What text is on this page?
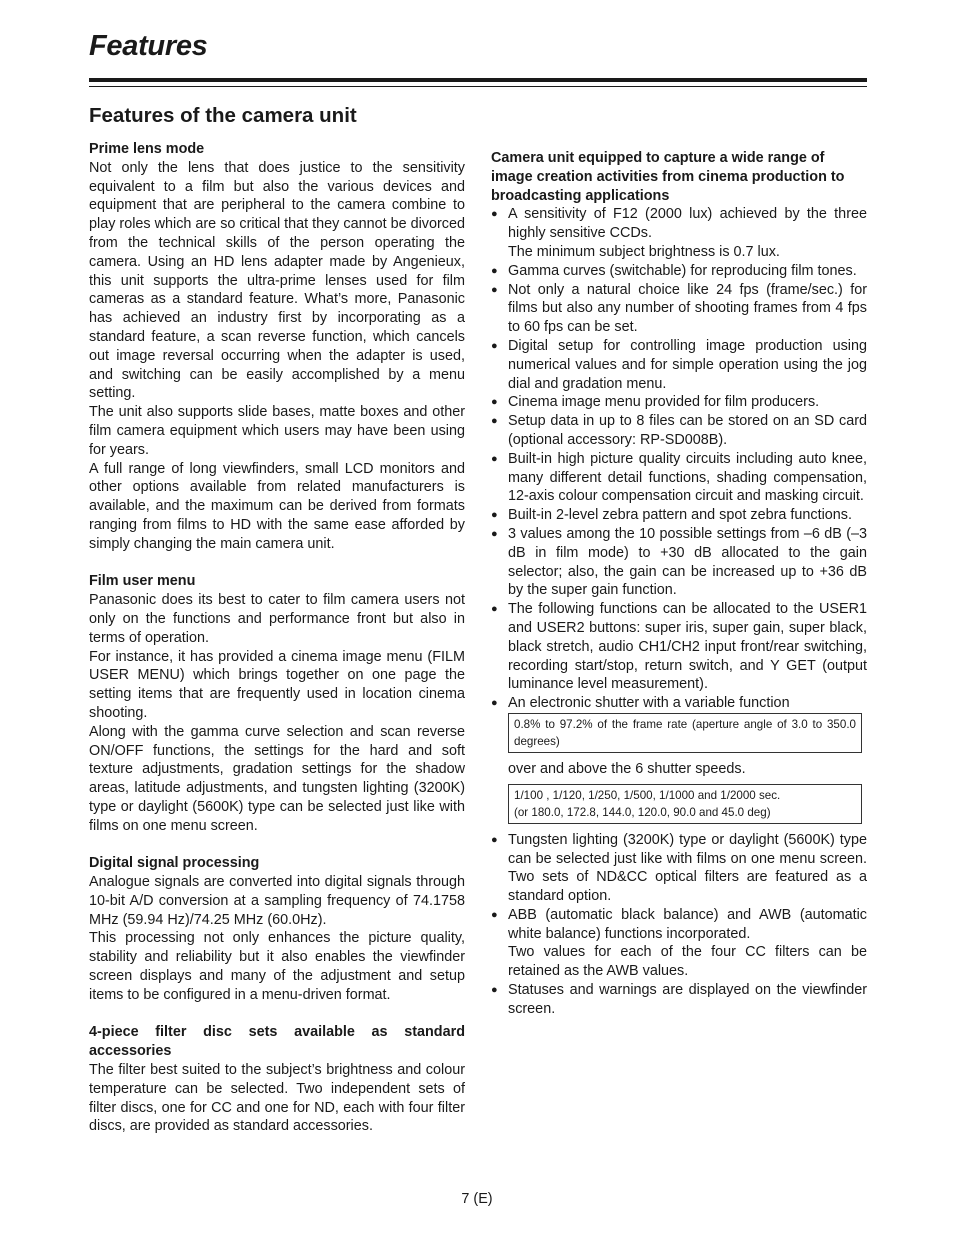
Features
Features of the camera unit

Prime lens mode

Not only the lens that does justice to the sensitivity equivalent to a film but also the various devices and equipment that are peripheral to the camera combine to play roles which are so critical that they cannot be divorced from the technical skills of the person operating the camera. Using an HD lens adapter made by Angenieux, this unit supports the ultra-prime lenses used for film cameras as a standard feature. What’s more, Panasonic has achieved an industry first by incorporating as a standard feature, a scan reverse function, which cancels out image reversal occurring when the adapter is used, and switching can be easily accomplished by a menu setting.

The unit also supports slide bases, matte boxes and other film camera equipment which users may have been using for years.

A full range of long viewfinders, small LCD monitors and other options available from related manufacturers is available, and the maximum can be derived from formats ranging from films to HD with the same ease afforded by simply changing the main camera unit.

Film user menu

Panasonic does its best to cater to film camera users not only on the functions and performance front but also in terms of operation.

For instance, it has provided a cinema image menu (FILM USER MENU) which brings together on one page the setting items that are frequently used in location cinema shooting.

Along with the gamma curve selection and scan reverse ON/OFF functions, the settings for the hard and soft texture adjustments, gradation settings for the shadow areas, latitude adjustments, and tungsten lighting (3200K) type or daylight (5600K) type can be selected just like with films on one menu screen.

Digital signal processing

Analogue signals are converted into digital signals through 10-bit A/D conversion at a sampling frequency of 74.1758 MHz (59.94 Hz)/74.25 MHz (60.0Hz).

This processing not only enhances the picture quality, stability and reliability but it also enables the viewfinder screen displays and many of the adjustment and setup items to be configured in a menu-driven format.

4-piece filter disc sets available as standard accessories

The filter best suited to the subject’s brightness and colour temperature can be selected. Two independent sets of filter discs, one for CC and one for ND, each with four filter discs, are provided as standard accessories.

Camera unit equipped to capture a wide range of image creation activities from cinema production to broadcasting applications

● A sensitivity of F12 (2000 lux) achieved by the three highly sensitive CCDs.
The minimum subject brightness is 0.7 lux.
● Gamma curves (switchable) for reproducing film tones.
● Not only a natural choice like 24 fps (frame/sec.) for films but also any number of shooting frames from 4 fps to 60 fps can be set.
● Digital setup for controlling image production using numerical values and for simple operation using the jog dial and gradation menu.
● Cinema image menu provided for film producers.
● Setup data in up to 8 files can be stored on an SD card (optional accessory: RP-SD008B).
● Built-in high picture quality circuits including auto knee, many different detail functions, shading compensation, 12-axis colour compensation circuit and masking circuit.
● Built-in 2-level zebra pattern and spot zebra functions.
● 3 values among the 10 possible settings from –6 dB (–3 dB in film mode) to +30 dB allocated to the gain selector; also, the gain can be increased up to +36 dB by the super gain function.
● The following functions can be allocated to the USER1 and USER2 buttons: super iris, super gain, super black, black stretch, audio CH1/CH2 input front/rear switching, recording start/stop, return switch, and Y GET (output luminance level measurement).
● An electronic shutter with a variable function
0.8% to 97.2% of the frame rate (aperture angle of 3.0 to 350.0 degrees)
over and above the 6 shutter speeds.
1/100 , 1/120, 1/250, 1/500, 1/1000 and 1/2000 sec.
(or 180.0, 172.8, 144.0, 120.0, 90.0 and 45.0 deg)
● Tungsten lighting (3200K) type or daylight (5600K) type can be selected just like with films on one menu screen. Two sets of ND&CC optical filters are featured as a standard option.
● ABB (automatic black balance) and AWB (automatic white balance) functions incorporated.
Two values for each of the four CC filters can be retained as the AWB values.
● Statuses and warnings are displayed on the viewfinder screen.
7 (E)
